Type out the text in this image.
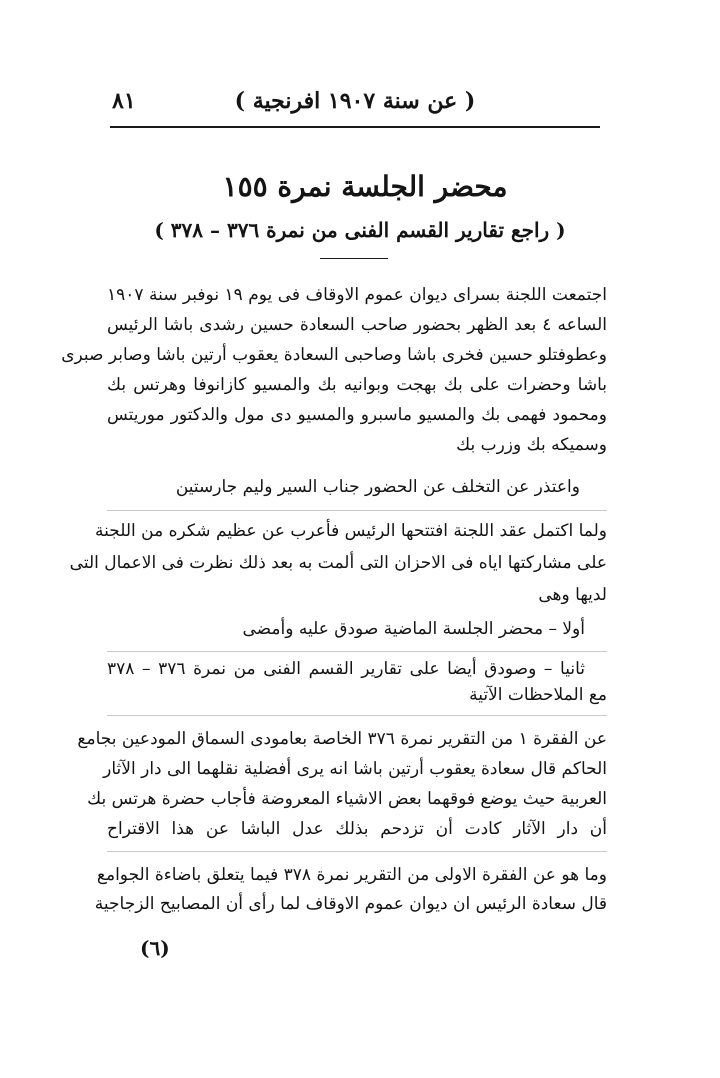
( عن سنة ١٩٠٧ افرنجية )
٨١
محضر الجلسة نمرة ١٥٥
( راجع تقارير القسم الفنى من نمرة ٣٧٦ – ٣٧٨ )
اجتمعت اللجنة بسراى ديوان عموم الاوقاف فى يوم ١٩ نوفبر سنة ١٩٠٧
الساعه ٤ بعد الظهر بحضور صاحب السعادة حسين رشدى باشا الرئيس
وعطوفتلو حسين فخرى باشا وصاحبى السعادة يعقوب أرتين باشا وصابر صبرى
باشا وحضرات على بك بهجت وبوانيه بك والمسيو كازانوفا وهرتس بك
ومحمود فهمى بك والمسيو ماسبرو والمسيو دى مول والدكتور موريتس
وسميكه بك وزرب بك
واعتذر عن التخلف عن الحضور جناب السير وليم جارستين
ولما اكتمل عقد اللجنة افتتحها الرئيس فأعرب عن عظيم شكره من اللجنة
على مشاركتها اياه فى الاحزان التى ألمت به بعد ذلك نظرت فى الاعمال التى
لديها وهى
أولا – محضر الجلسة الماضية صودق عليه وأمضى
ثانيا – وصودق أيضا على تقارير القسم الفنى من نمرة ٣٧٦ – ٣٧٨
مع الملاحظات الآتية
عن الفقرة ١ من التقرير نمرة ٣٧٦ الخاصة بعامودى السماق المودعين بجامع
الحاكم قال سعادة يعقوب أرتين باشا انه يرى أفضلية نقلهما الى دار الآثار
العربية حيث يوضع فوقهما بعض الاشياء المعروضة فأجاب حضرة هرتس بك
أن دار الآثار كادت أن تزدحم بذلك عدل الباشا عن هذا الاقتراح
وما هو عن الفقرة الاولى من التقرير نمرة ٣٧٨ فيما يتعلق باضاءة الجوامع
قال سعادة الرئيس ان ديوان عموم الاوقاف لما رأى أن المصابيح الزجاجية
(٦)
